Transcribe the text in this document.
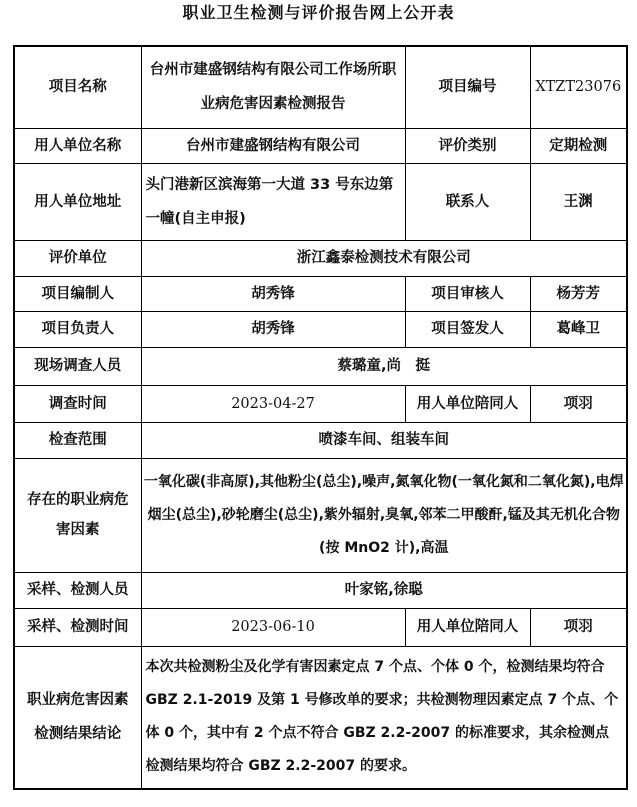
职业卫生检测与评价报告网上公开表
项目名称	台州市建盛钢结构有限公司工作场所职业病危害因素检测报告	项目编号	XTZT23076
用人单位名称	台州市建盛钢结构有限公司	评价类别	定期检测
用人单位地址	头门港新区滨海第一大道 33 号东边第一幢(自主申报)	联系人	王渊
评价单位	浙江鑫泰检测技术有限公司		
项目编制人	胡秀锋	项目审核人	杨芳芳
项目负责人	胡秀锋	项目签发人	葛峰卫
现场调查人员	蔡璐童,尚　挺		
调查时间	2023-04-27	用人单位陪同人	项羽
检查范围	喷漆车间、组装车间		
存在的职业病危害因素	一氧化碳(非高原),其他粉尘(总尘),噪声,氮氧化物(一氧化氮和二氧化氮),电焊烟尘(总尘),砂轮磨尘(总尘),紫外辐射,臭氧,邻苯二甲酸酐,锰及其无机化合物(按 MnO2 计),高温		
采样、检测人员	叶家铭,徐聪		
采样、检测时间	2023-06-10	用人单位陪同人	项羽
职业病危害因素检测结果结论	本次共检测粉尘及化学有害因素定点 7 个点、个体 0 个，检测结果均符合 GBZ 2.1-2019 及第 1 号修改单的要求；共检测物理因素定点 7 个点、个体 0 个，其中有 2 个点不符合 GBZ 2.2-2007 的标准要求，其余检测点检测结果均符合 GBZ 2.2-2007 的要求。		
